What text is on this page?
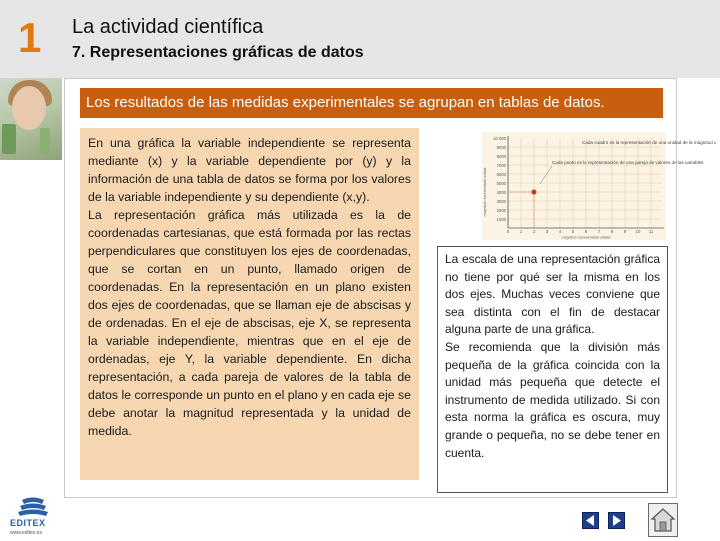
1 La actividad científica
7. Representaciones gráficas de datos
Los resultados de las medidas experimentales se agrupan en tablas de datos.

En una gráfica la variable independiente se representa mediante (x) y la variable dependiente por (y) y la información de una tabla de datos se forma por los valores de la variable independiente y su dependiente (x,y).

La representación gráfica más utilizada es la de coordenadas cartesianas, que está formada por las rectas perpendiculares que constituyen los ejes de coordenadas, que se cortan en un punto, llamado origen de coordenadas. En la representación en un plano existen dos ejes de coordenadas, que se llaman eje de abscisas y de ordenadas. En el eje de abscisas, eje X, se representa la variable independiente, mientras que en el eje de ordenadas, eje Y, la variable dependiente. En dicha representación, a cada pareja de valores de la tabla de datos le corresponde un punto en el plano y en cada eje se debe anotar la magnitud representada y la unidad de medida.

10 000
9000
8000
7000
6000
5000
4000
3000
2000
1000
0	1	2	3	4	5	6	7	8	9 10 11
magnitud representada unidad
magnitud representada unidad
Cada cuadro es la representación de una unidad de la magnitud x
Cada punto es la representación de una pareja de valores de las variables

La escala de una representación gráfica no tiene por qué ser la misma en los dos ejes. Muchas veces conviene que sea distinta con el fin de destacar alguna parte de una gráfica.

Se recomienda que la división más pequeña de la gráfica coincida con la unidad más pequeña que detecte el instrumento de medida utilizado. Si con esta norma la gráfica es oscura, muy grande o pequeña, no se debe tener en cuenta.

EDITEX
www.editex.es
